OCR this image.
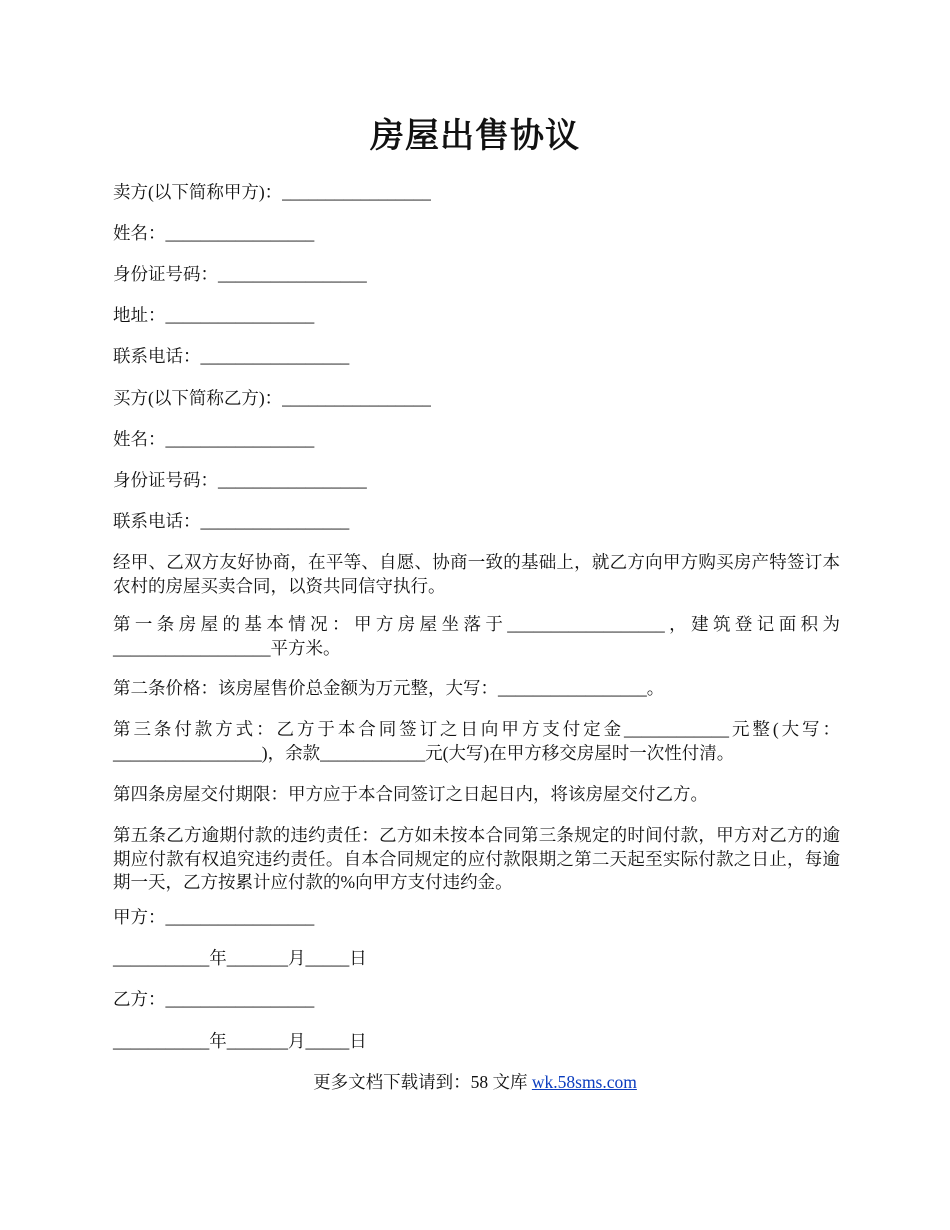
房屋出售协议
卖方(以下简称甲方)：_________________
姓名：_________________
身份证号码：_________________
地址：_________________
联系电话：_________________
买方(以下简称乙方)：_________________
姓名：_________________
身份证号码：_________________
联系电话：_________________
经甲、乙双方友好协商，在平等、自愿、协商一致的基础上，就乙方向甲方购买房产特签订本农村的房屋买卖合同，以资共同信守执行。
第一条房屋的基本情况：甲方房屋坐落于__________________，建筑登记面积为__________________平方米。
第二条价格：该房屋售价总金额为万元整，大写：_________________。
第三条付款方式：乙方于本合同签订之日向甲方支付定金____________元整(大写：_________________)，余款____________元(大写)在甲方移交房屋时一次性付清。
第四条房屋交付期限：甲方应于本合同签订之日起日内，将该房屋交付乙方。
第五条乙方逾期付款的违约责任：乙方如未按本合同第三条规定的时间付款，甲方对乙方的逾期应付款有权追究违约责任。自本合同规定的应付款限期之第二天起至实际付款之日止，每逾期一天，乙方按累计应付款的%向甲方支付违约金。
甲方：_________________
___________年_______月_____日
乙方：_________________
___________年_______月_____日
更多文档下载请到：58 文库 wk.58sms.com
